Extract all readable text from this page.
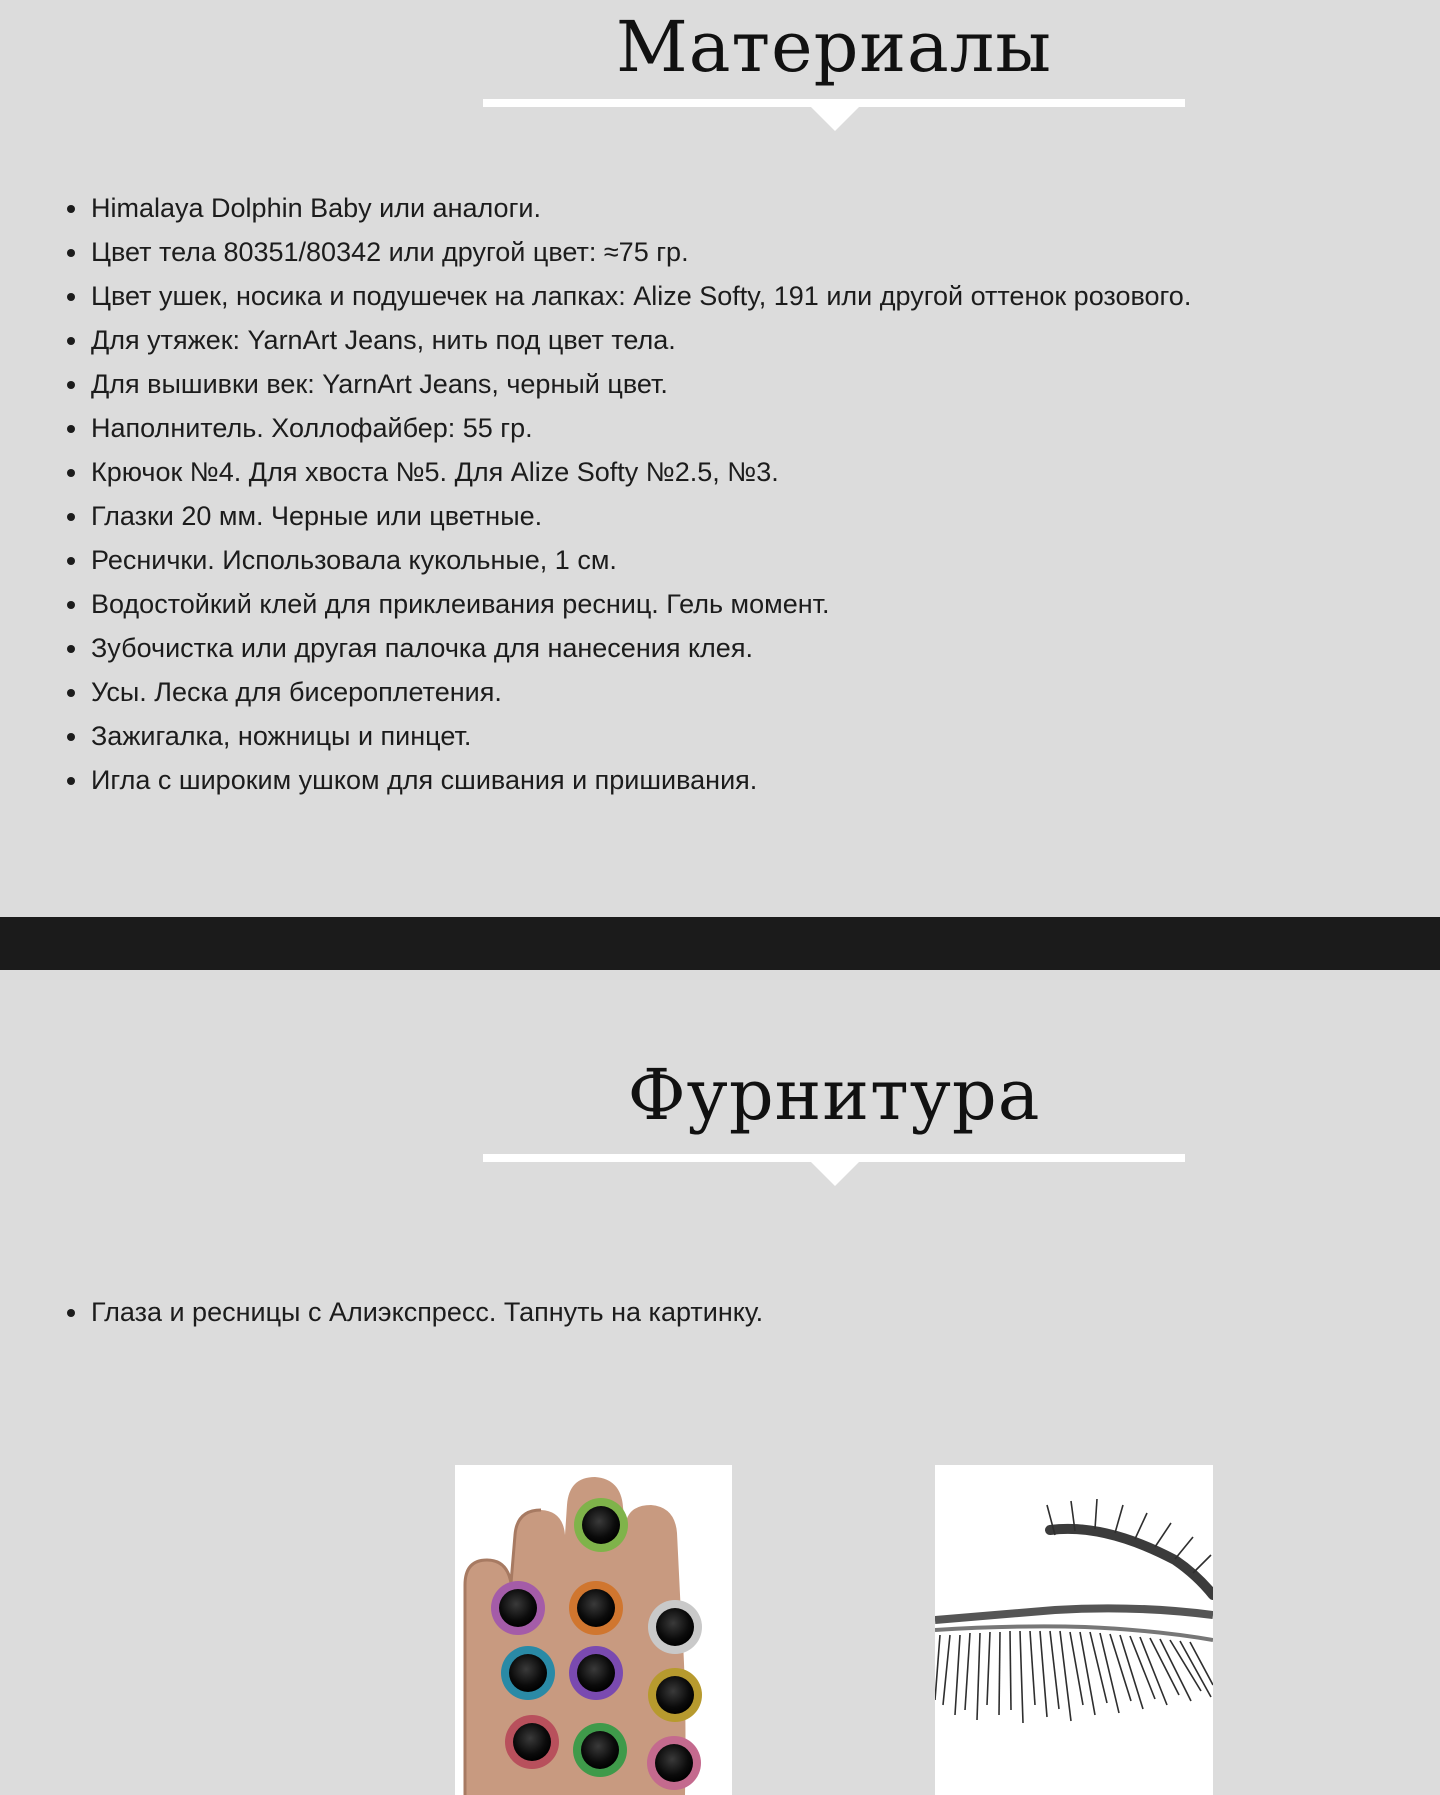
Материалы
Himalaya Dolphin Baby или аналоги.
Цвет тела 80351/80342 или другой цвет: ≈75 гр.
Цвет ушек, носика и подушечек на лапках: Alize Softy, 191 или другой оттенок розового.
Для утяжек: YarnArt Jeans, нить под цвет тела.
Для вышивки век: YarnArt Jeans, черный цвет.
Наполнитель. Холлофайбер: 55 гр.
Крючок №4. Для хвоста №5. Для Alize Softy №2.5, №3.
Глазки 20 мм. Черные или цветные.
Реснички. Использовала кукольные, 1 см.
Водостойкий клей для приклеивания ресниц. Гель момент.
Зубочистка или другая палочка для нанесения клея.
Усы. Леска для бисероплетения.
Зажигалка, ножницы и пинцет.
Игла с широким ушком для сшивания и пришивания.
Фурнитура
Глаза и ресницы с Алиэкспресс. Тапнуть на картинку.
